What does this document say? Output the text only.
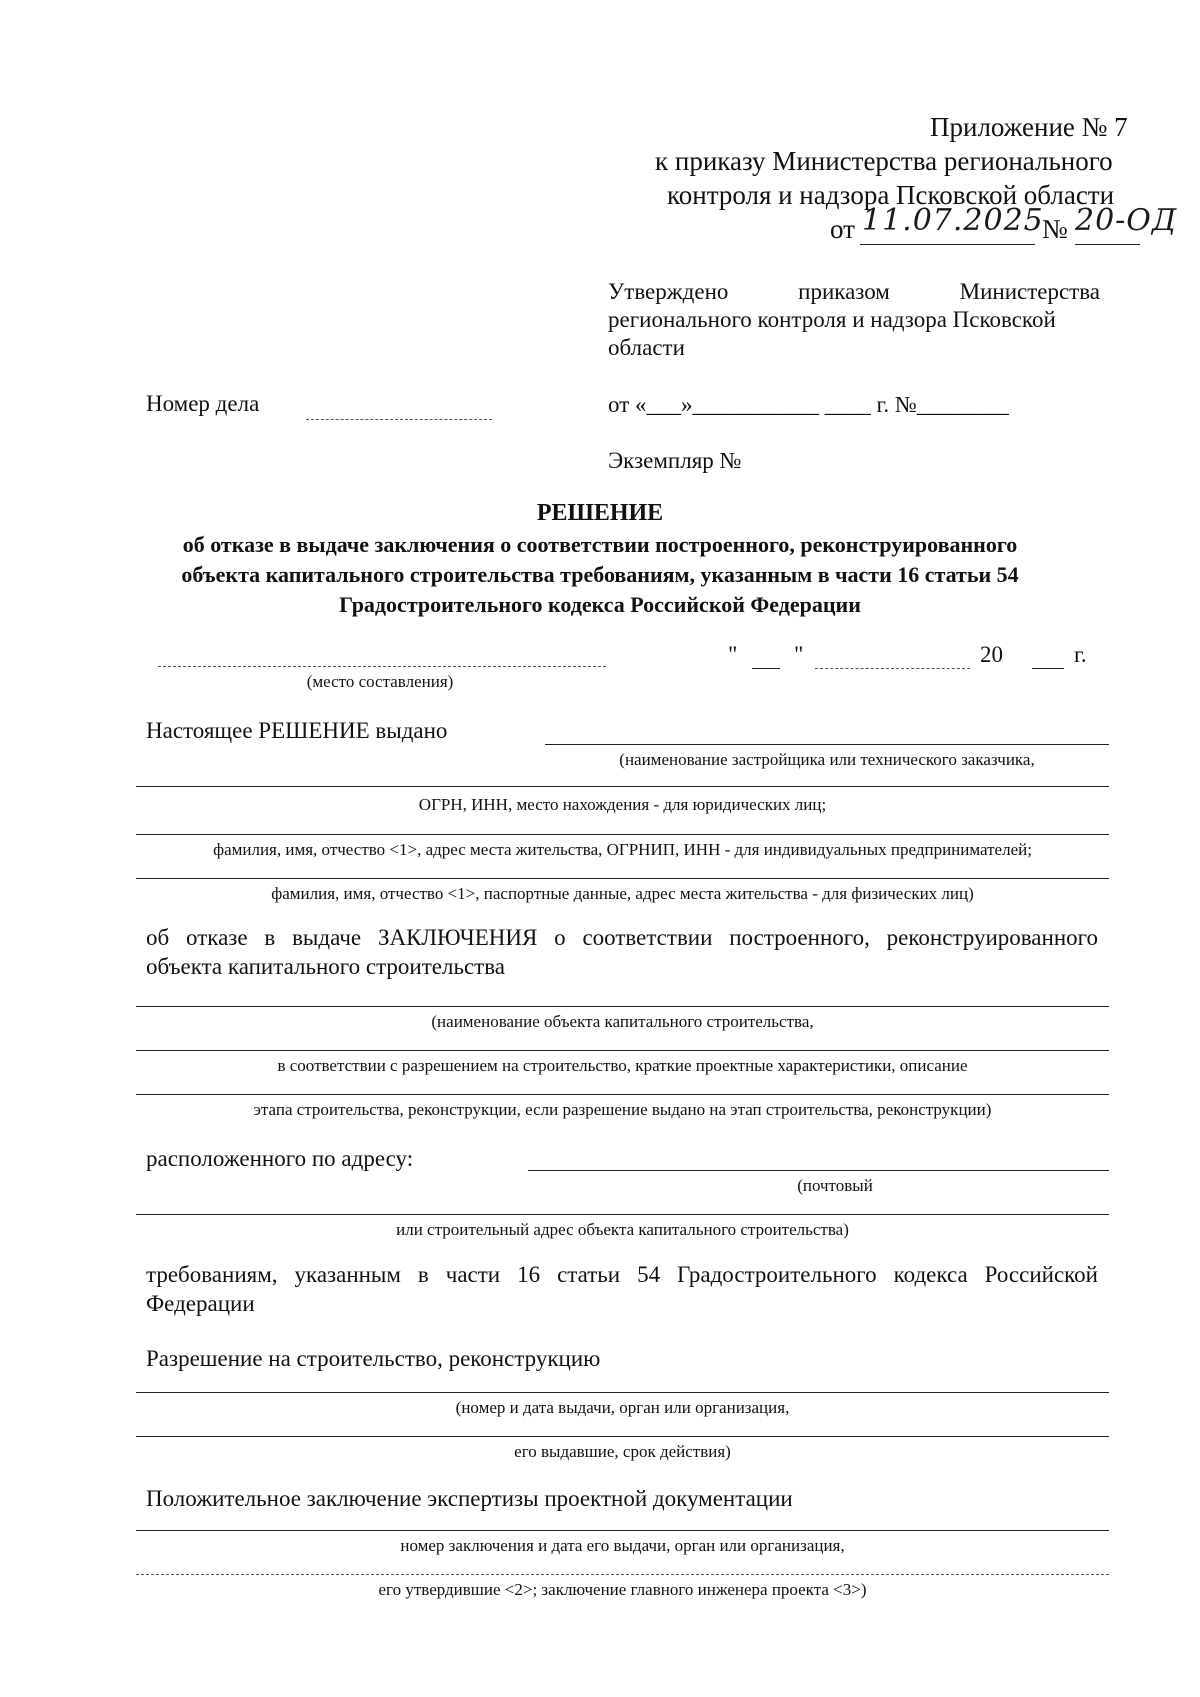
Приложение № 7
к приказу Министерства регионального
контроля и надзора Псковской области
от 11.07.2025
№ 20-ОД
Утверждено	приказом	Министерства
регионального контроля и надзора Псковской
области
Номер дела	от «___»___________ ____ г. №________
Экземпляр №
РЕШЕНИЕ
об отказе в выдаче заключения о соответствии построенного, реконструированного
объекта капитального строительства требованиям, указанным в части 16 статьи 54
Градостроительного кодекса Российской Федерации
(место составления)
" "	20	г.
Настоящее РЕШЕНИЕ выдано
(наименование застройщика или технического заказчика,
ОГРН, ИНН, место нахождения - для юридических лиц;
фамилия, имя, отчество <1>, адрес места жительства, ОГРНИП, ИНН - для индивидуальных предпринимателей;
фамилия, имя, отчество <1>, паспортные данные, адрес места жительства - для физических лиц)
об отказе в выдаче ЗАКЛЮЧЕНИЯ о соответствии построенного, реконструированного
объекта капитального строительства
(наименование объекта капитального строительства,
в соответствии с разрешением на строительство, краткие проектные характеристики, описание
этапа строительства, реконструкции, если разрешение выдано на этап строительства, реконструкции)
расположенного по адресу:
(почтовый
или строительный адрес объекта капитального строительства)
требованиям, указанным в части 16 статьи 54 Градостроительного кодекса Российской
Федерации
Разрешение на строительство, реконструкцию
(номер и дата выдачи, орган или организация,
его выдавшие, срок действия)
Положительное заключение экспертизы проектной документации
номер заключения и дата его выдачи, орган или организация,
его утвердившие <2>; заключение главного инженера проекта <3>)
